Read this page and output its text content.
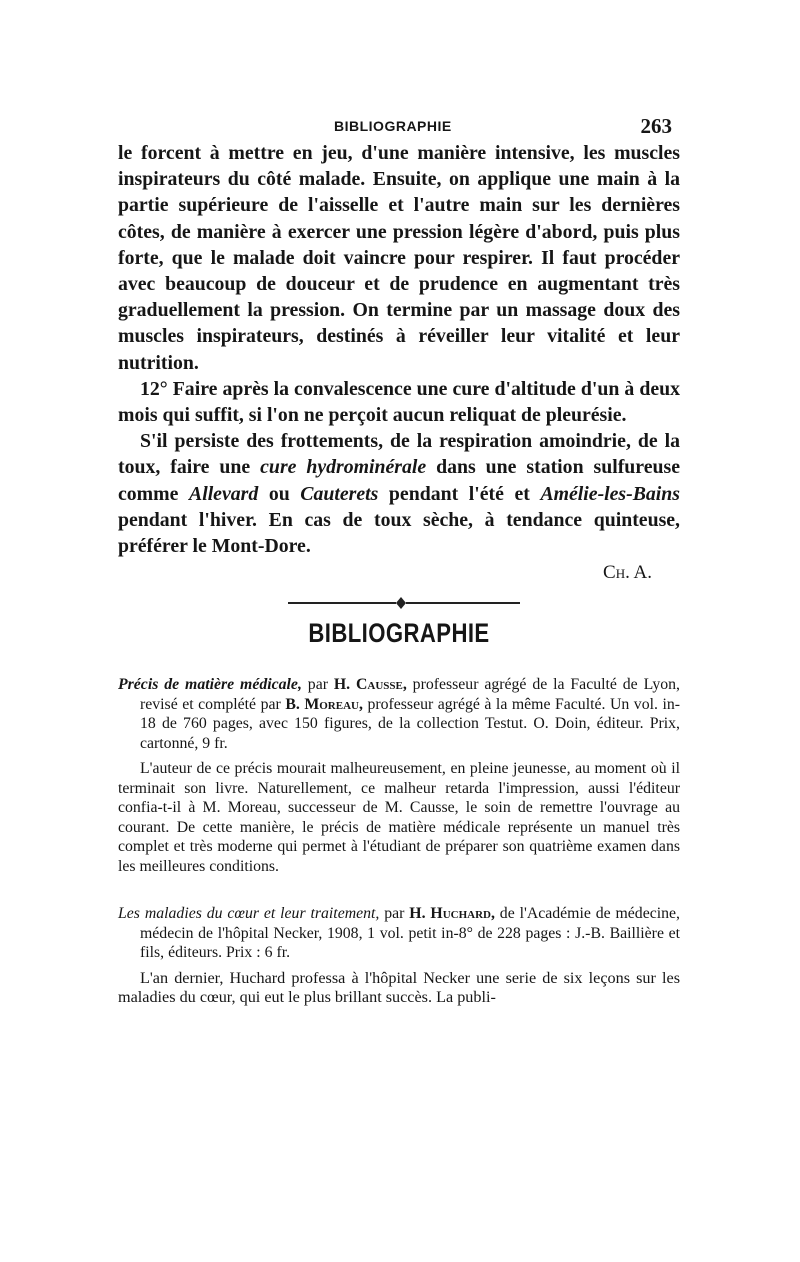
BIBLIOGRAPHIE	263

le forcent à mettre en jeu, d'une manière intensive, les muscles inspirateurs du côté malade. Ensuite, on applique une main à la partie supérieure de l'aisselle et l'autre main sur les dernières côtes, de manière à exercer une pression légère d'abord, puis plus forte, que le malade doit vaincre pour respirer. Il faut procéder avec beaucoup de douceur et de prudence en augmentant très graduellement la pression. On termine par un massage doux des muscles inspirateurs, destinés à réveiller leur vitalité et leur nutrition.

12° Faire après la convalescence une cure d'altitude d'un à deux mois qui suffit, si l'on ne perçoit aucun reliquat de pleurésie.

S'il persiste des frottements, de la respiration amoindrie, de la toux, faire une cure hydrominérale dans une station sulfureuse comme Allevard ou Cauterets pendant l'été et Amélie-les-Bains pendant l'hiver. En cas de toux sèche, à tendance quinteuse, préférer le Mont-Dore.

Ch. A.
BIBLIOGRAPHIE

Précis de matière médicale, par H. Causse, professeur agrégé de la Faculté de Lyon, revisé et complété par B. Moreau, professeur agrégé à la même Faculté. Un vol. in-18 de 760 pages, avec 150 figures, de la collection Testut. O. Doin, éditeur. Prix, cartonné, 9 fr.

L'auteur de ce précis mourait malheureusement, en pleine jeunesse, au moment où il terminait son livre. Naturellement, ce malheur retarda l'impression, aussi l'éditeur confia-t-il à M. Moreau, successeur de M. Causse, le soin de remettre l'ouvrage au courant. De cette manière, le précis de matière médicale représente un manuel très complet et très moderne qui permet à l'étudiant de préparer son quatrième examen dans les meilleures conditions.

Les maladies du cœur et leur traitement, par H. Huchard, de l'Académie de médecine, médecin de l'hôpital Necker, 1908, 1 vol. petit in-8° de 228 pages : J.-B. Baillière et fils, éditeurs. Prix : 6 fr.

L'an dernier, Huchard professa à l'hôpital Necker une serie de six leçons sur les maladies du cœur, qui eut le plus brillant succès. La publi-
